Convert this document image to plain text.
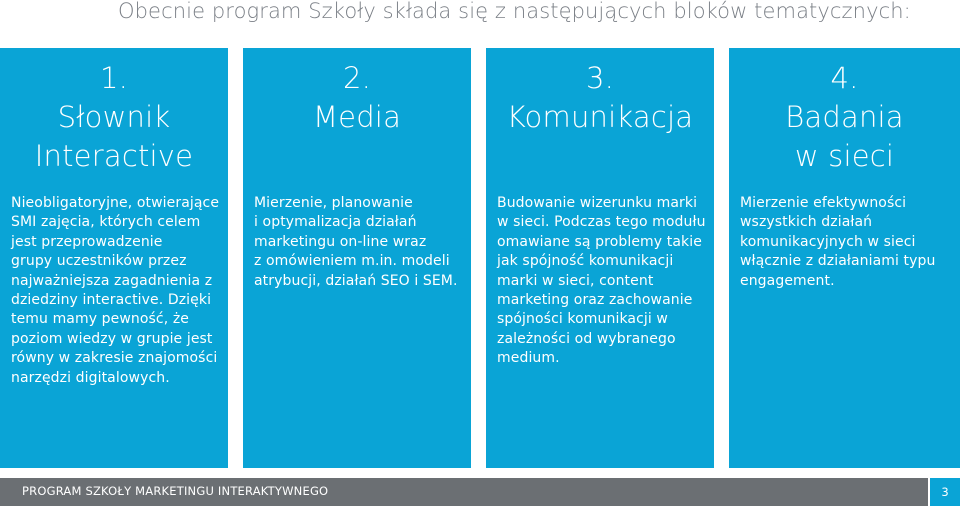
Obecnie program Szkoły składa się z następujących bloków tematycznych:
1.
Słownik
Interactive
Nieobligatoryjne, otwierające
SMI zajęcia, których celem
jest przeprowadzenie
grupy uczestników przez
najważniejsza zagadnienia z
dziedziny interactive. Dzięki
temu mamy pewność, że
poziom wiedzy w grupie jest
równy w zakresie znajomości
narzędzi digitalowych.
2.
Media
Mierzenie, planowanie
i optymalizacja działań
marketingu on-line wraz
z omówieniem m.in. modeli
atrybucji, działań SEO i SEM.
3.
Komunikacja
Budowanie wizerunku marki
w sieci. Podczas tego modułu
omawiane są problemy takie
jak spójność komunikacji
marki w sieci, content
marketing oraz zachowanie
spójności komunikacji w
zależności od wybranego
medium.
4.
Badania
w sieci
Mierzenie efektywności
wszystkich działań
komunikacyjnych w sieci
włącznie z działaniami typu
engagement.
PROGRAM SZKOŁY MARKETINGU INTERAKTYWNEGO	3
